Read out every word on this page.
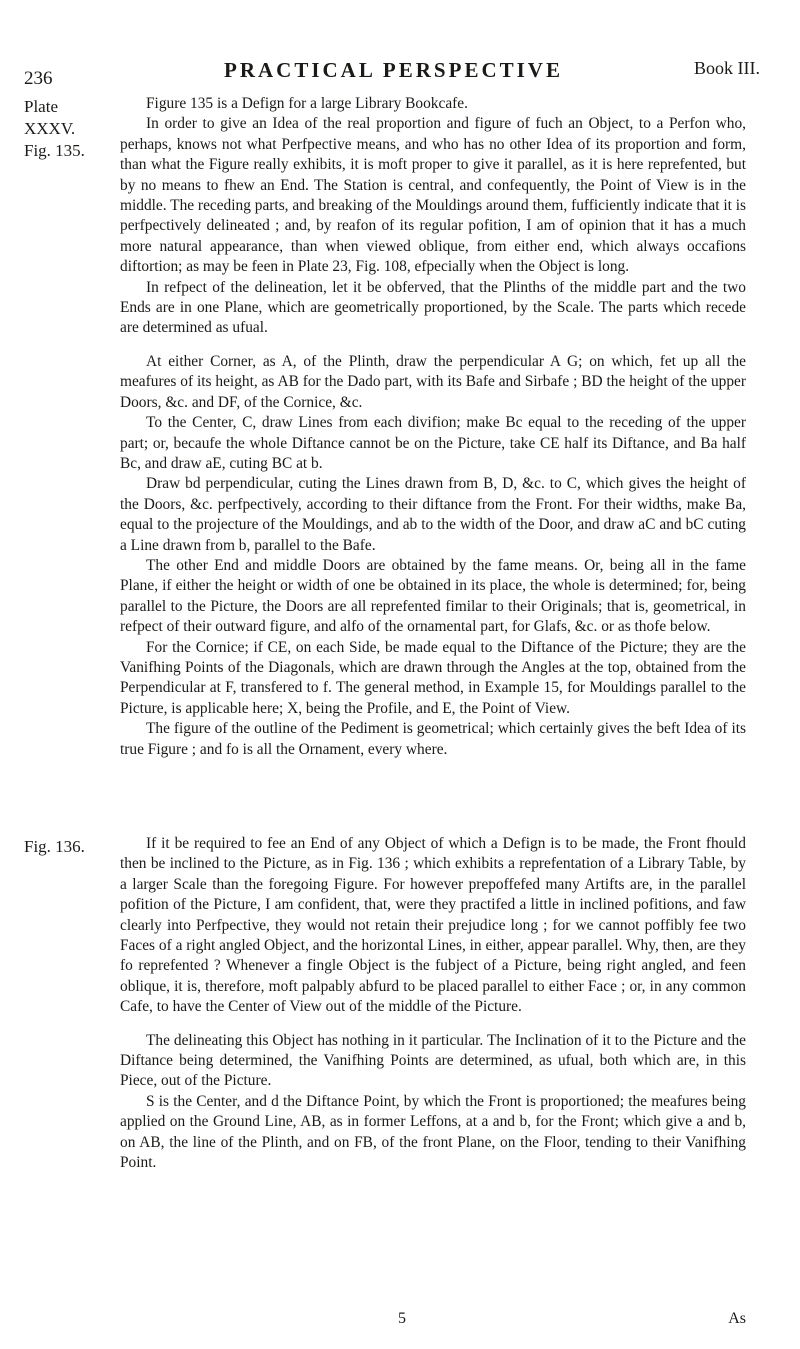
236	PRACTICAL PERSPECTIVE	Book III.
Plate
XXXV.
Fig. 135.
Fig. 136.

Figure 135 is a Defign for a large Library Bookcafe.

In order to give an Idea of the real proportion and figure of fuch an Object, to a Perfon who, perhaps, knows not what Perfpective means, and who has no other Idea of its proportion and form, than what the Figure really exhibits, it is moft proper to give it parallel, as it is here reprefented, but by no means to fhew an End. The Station is central, and confequently, the Point of View is in the middle. The receding parts, and breaking of the Mouldings around them, fufficiently indicate that it is perfpectively delineated ; and, by reafon of its regular pofition, I am of opinion that it has a much more natural appearance, than when viewed oblique, from either end, which always occafions diftortion; as may be feen in Plate 23, Fig. 108, efpecially when the Object is long.

In refpect of the delineation, let it be obferved, that the Plinths of the middle part and the two Ends are in one Plane, which are geometrically proportioned, by the Scale. The parts which recede are determined as ufual.

At either Corner, as A, of the Plinth, draw the perpendicular A G; on which, fet up all the meafures of its height, as AB for the Dado part, with its Bafe and Sirbafe ; BD the height of the upper Doors, &c. and DF, of the Cornice, &c.

To the Center, C, draw Lines from each divifion; make Bc equal to the receding of the upper part; or, becaufe the whole Diftance cannot be on the Picture, take CE half its Diftance, and Ba half Bc, and draw aE, cuting BC at b.

Draw bd perpendicular, cuting the Lines drawn from B, D, &c. to C, which gives the height of the Doors, &c. perfpectively, according to their diftance from the Front. For their widths, make Ba, equal to the projecture of the Mouldings, and ab to the width of the Door, and draw aC and bC cuting a Line drawn from b, parallel to the Bafe.

The other End and middle Doors are obtained by the fame means. Or, being all in the fame Plane, if either the height or width of one be obtained in its place, the whole is determined; for, being parallel to the Picture, the Doors are all reprefented fimilar to their Originals; that is, geometrical, in refpect of their outward figure, and alfo of the ornamental part, for Glafs, &c. or as thofe below.

For the Cornice; if CE, on each Side, be made equal to the Diftance of the Picture; they are the Vanifhing Points of the Diagonals, which are drawn through the Angles at the top, obtained from the Perpendicular at F, transfered to f. The general method, in Example 15, for Mouldings parallel to the Picture, is applicable here; X, being the Profile, and E, the Point of View.

The figure of the outline of the Pediment is geometrical; which certainly gives the beft Idea of its true Figure ; and fo is all the Ornament, every where.

If it be required to fee an End of any Object of which a Defign is to be made, the Front fhould then be inclined to the Picture, as in Fig. 136 ; which exhibits a reprefentation of a Library Table, by a larger Scale than the foregoing Figure. For however prepoffefed many Artifts are, in the parallel pofition of the Picture, I am confident, that, were they practifed a little in inclined pofitions, and faw clearly into Perfpective, they would not retain their prejudice long ; for we cannot poffibly fee two Faces of a right angled Object, and the horizontal Lines, in either, appear parallel. Why, then, are they fo reprefented ? Whenever a fingle Object is the fubject of a Picture, being right angled, and feen oblique, it is, therefore, moft palpably abfurd to be placed parallel to either Face ; or, in any common Cafe, to have the Center of View out of the middle of the Picture.

The delineating this Object has nothing in it particular. The Inclination of it to the Picture and the Diftance being determined, the Vanifhing Points are determined, as ufual, both which are, in this Piece, out of the Picture.

S is the Center, and d the Diftance Point, by which the Front is proportioned; the meafures being applied on the Ground Line, AB, as in former Leffons, at a and b, for the Front; which give a and b, on AB, the line of the Plinth, and on FB, of the front Plane, on the Floor, tending to their Vanifhing Point.

5	As
